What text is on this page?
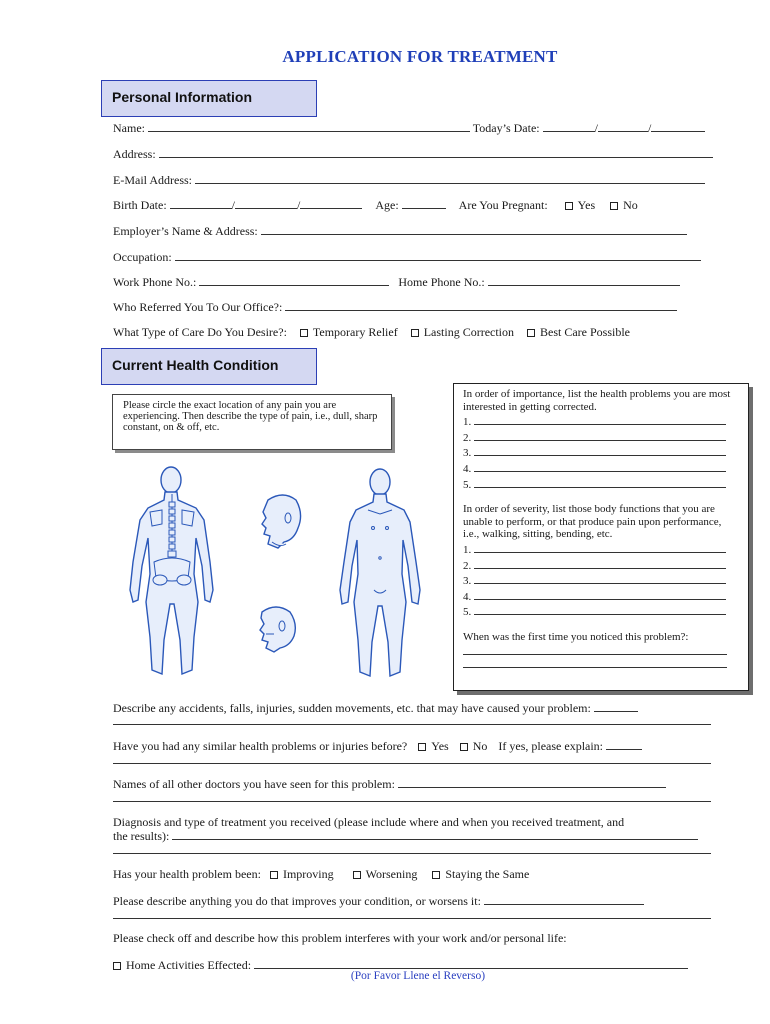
APPLICATION FOR TREATMENT
Personal Information
Name:	Today’s Date:	/	/
Address:
E-Mail Address:
Birth Date:	/	/	Age:	Are You Pregnant:	Yes No
Employer’s Name & Address:
Occupation:
Work Phone No.:	Home Phone No.:
Who Referred You To Our Office?:
What Type of Care Do You Desire?: Temporary Relief Lasting Correction Best Care Possible
Current Health Condition
Please circle the exact location of any pain you are experiencing. Then describe the type of pain, i.e., dull, sharp constant, on & off, etc.
In order of importance, list the health problems you are most interested in getting corrected.
1.
2.
3.
4.
5.
In order of severity, list those body functions that you are unable to perform, or that produce pain upon performance, i.e., walking, sitting, bending, etc.
1.
2.
3.
4.
5.
When was the first time you noticed this problem?:
Describe any accidents, falls, injuries, sudden movements, etc. that may have caused your problem:
Have you had any similar health problems or injuries before? Yes No If yes, please explain:
Names of all other doctors you have seen for this problem:
Diagnosis and type of treatment you received (please include where and when you received treatment, and
the results):
Has your health problem been: Improving	Worsening Staying the Same
Please describe anything you do that improves your condition, or worsens it:
Please check off and describe how this problem interferes with your work and/or personal life:
Home Activities Effected:
(Por Favor Llene el Reverso)
